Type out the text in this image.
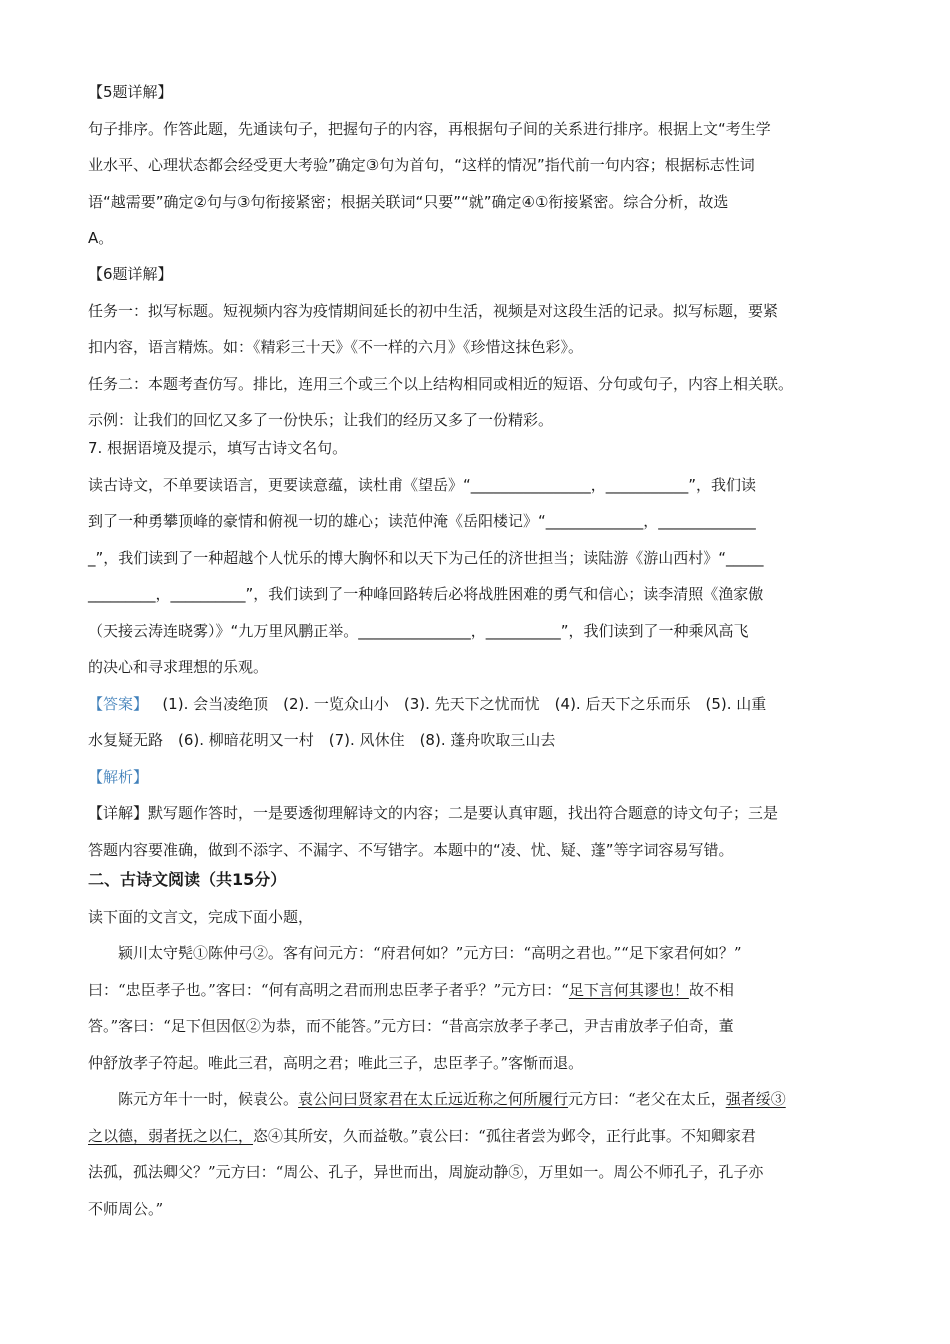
【5题详解】
句子排序。作答此题，先通读句子，把握句子的内容，再根据句子间的关系进行排序。根据上文“考生学
业水平、心理状态都会经受更大考验”确定③句为首句，“这样的情况”指代前一句内容；根据标志性词
语“越需要”确定②句与③句衔接紧密；根据关联词“只要”“就”确定④①衔接紧密。综合分析，故选
A。
【6题详解】
任务一：拟写标题。短视频内容为疫情期间延长的初中生活，视频是对这段生活的记录。拟写标题，要紧
扣内容，语言精炼。如：《精彩三十天》《不一样的六月》《珍惜这抹色彩》。
任务二：本题考查仿写。排比，连用三个或三个以上结构相同或相近的短语、分句或句子，内容上相关联。
示例：让我们的回忆又多了一份快乐；让我们的经历又多了一份精彩。
7. 根据语境及提示，填写古诗文名句。
读古诗文，不单要读语言，更要读意蕴，读杜甫《望岳》“________________，___________”，我们读
到了一种勇攀顶峰的豪情和俯视一切的雄心；读范仲淹《岳阳楼记》“_____________，_____________
_”，我们读到了一种超越个人忧乐的博大胸怀和以天下为己任的济世担当；读陆游《游山西村》“_____
_________，__________”，我们读到了一种峰回路转后必将战胜困难的勇气和信心；读李清照《渔家傲
（天接云涛连晓雾）》“九万里风鹏正举。_______________，__________”，我们读到了一种乘风高飞
的决心和寻求理想的乐观。
【答案】 (1). 会当凌绝顶　(2). 一览众山小　(3). 先天下之忧而忧　(4). 后天下之乐而乐　(5). 山重
水复疑无路　(6). 柳暗花明又一村　(7). 风休住　(8). 蓬舟吹取三山去
【解析】
【详解】默写题作答时，一是要透彻理解诗文的内容；二是要认真审题，找出符合题意的诗文句子；三是
答题内容要准确，做到不添字、不漏字、不写错字。本题中的“凌、忧、疑、蓬”等字词容易写错。
二、古诗文阅读（共15分）
读下面的文言文，完成下面小题，
颍川太守髡①陈仲弓②。客有问元方：“府君何如？”元方曰：“高明之君也。”“足下家君何如？”
曰：“忠臣孝子也。”客曰：“何有高明之君而刑忠臣孝子者乎？”元方曰：“足下言何其谬也！故不相
答。”客曰：“足下但因伛②为恭，而不能答。”元方曰：“昔高宗放孝子孝己，尹吉甫放孝子伯奇，董
仲舒放孝子符起。唯此三君，高明之君；唯此三子，忠臣孝子。”客惭而退。
陈元方年十一时，候袁公。袁公问曰贤家君在太丘远近称之何所履行元方曰：“老父在太丘，强者绥③
之以德，弱者抚之以仁，恣④其所安，久而益敬。”袁公曰：“孤往者尝为邺令，正行此事。不知卿家君
法孤，孤法卿父？”元方曰：“周公、孔子，异世而出，周旋动静⑤，万里如一。周公不师孔子，孔子亦
不师周公。”
